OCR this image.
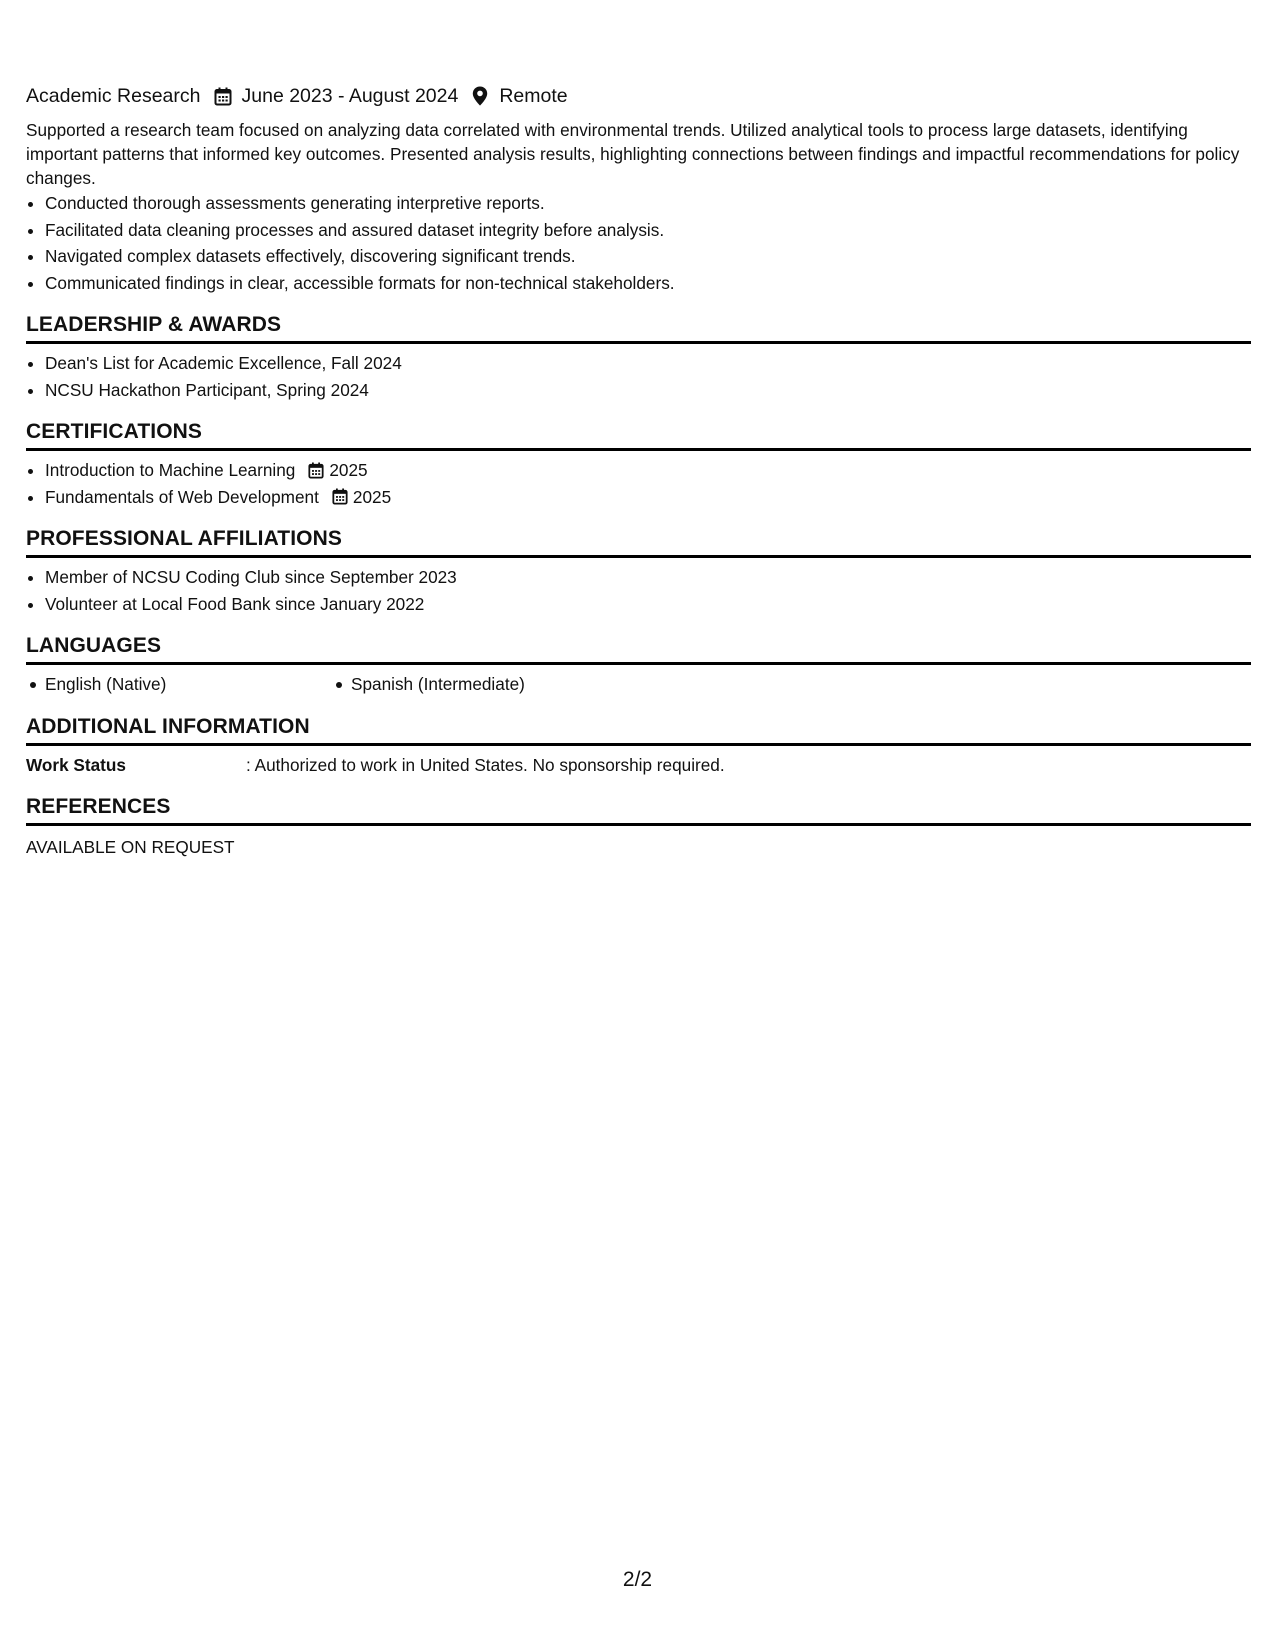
Academic Research June 2023 - August 2024 Remote

Supported a research team focused on analyzing data correlated with environmental trends. Utilized analytical tools to process large datasets, identifying important patterns that informed key outcomes. Presented analysis results, highlighting connections between findings and impactful recommendations for policy changes.

• Conducted thorough assessments generating interpretive reports.
• Facilitated data cleaning processes and assured dataset integrity before analysis.
• Navigated complex datasets effectively, discovering significant trends.
• Communicated findings in clear, accessible formats for non-technical stakeholders.
LEADERSHIP & AWARDS
• Dean's List for Academic Excellence, Fall 2024
• NCSU Hackathon Participant, Spring 2024
CERTIFICATIONS
• Introduction to Machine Learning 2025
• Fundamentals of Web Development 2025
PROFESSIONAL AFFILIATIONS
• Member of NCSU Coding Club since September 2023
• Volunteer at Local Food Bank since January 2022
LANGUAGES
English (Native)	Spanish (Intermediate)
ADDITIONAL INFORMATION
Work Status	: Authorized to work in United States. No sponsorship required.
REFERENCES
AVAILABLE ON REQUEST
2/2
